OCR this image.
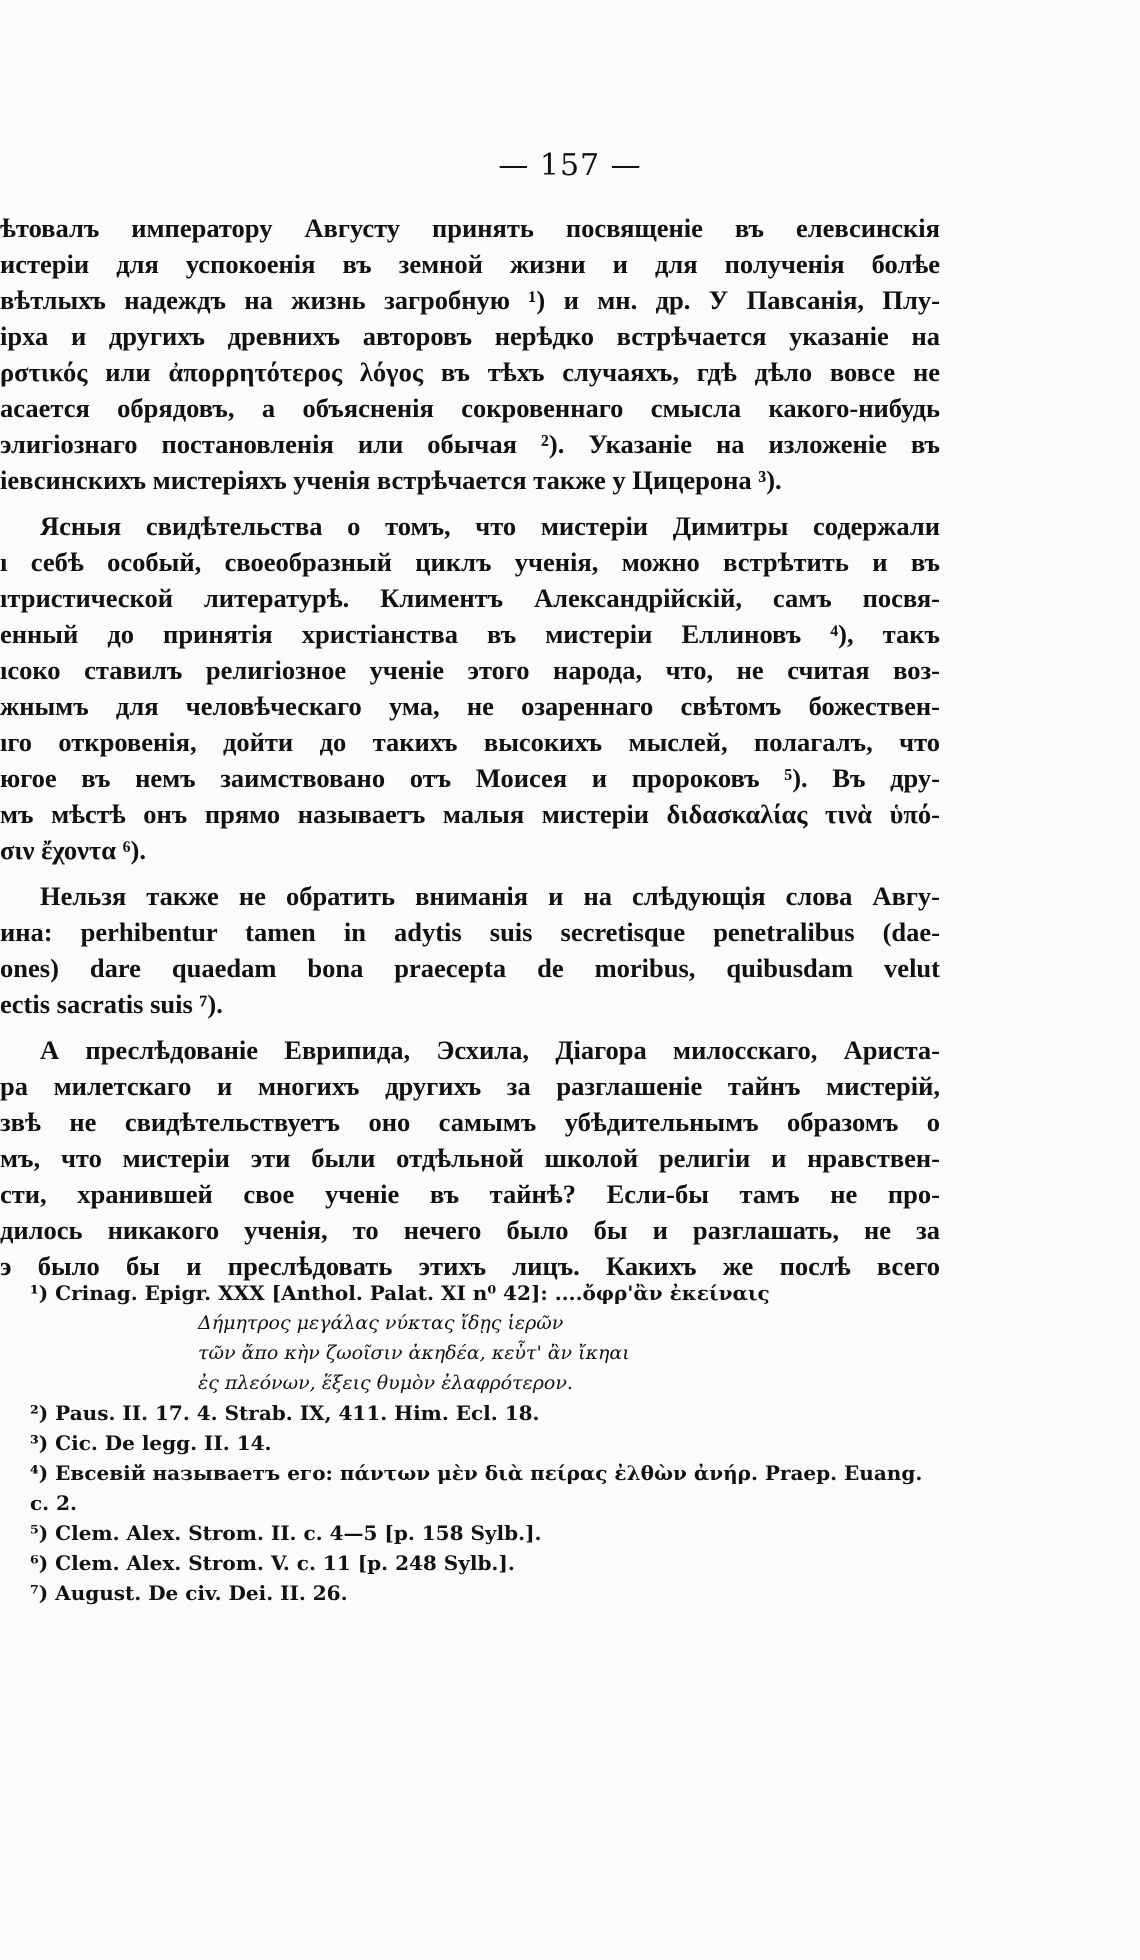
— 157 —
ѣтовалъ императору Августу принять посвященіе въ елевсинскія
истеріи для успокоенія въ земной жизни и для полученія болѣе
вѣтлыхъ надеждъ на жизнь загробную ¹) и мн. др. У Павсанія, Плу-
ірха и другихъ древнихъ авторовъ нерѣдко встрѣчается указаніе на
ρστικός или ἀπορρητότερος λόγος въ тѣхъ случаяхъ, гдѣ дѣло вовсе не
асается обрядовъ, а объясненія сокровеннаго смысла какого-нибудь
элигіознаго постановленія или обычая ²). Указаніе на изложеніе въ
іевсинскихъ мистеріяхъ ученія встрѣчается также у Цицерона ³).
Ясныя свидѣтельства о томъ, что мистеріи Димитры содержали
ı себѣ особый, своеобразный циклъ ученія, можно встрѣтить и въ
ıтристической литературѣ. Климентъ Александрійскій, самъ посвя-
енный до принятія христіанства въ мистеріи Еллиновъ ⁴), такъ
ıсоко ставилъ религіозное ученіе этого народа, что, не считая воз-
жнымъ для человѣческаго ума, не озареннаго свѣтомъ божествен-
ıго откровенія, дойти до такихъ высокихъ мыслей, полагалъ, что
югое въ немъ заимствовано отъ Моисея и пророковъ ⁵). Въ дру-
мъ мѣстѣ онъ прямо называетъ малыя мистеріи διδασκαλίας τινὰ ὑπό-
σιν ἔχοντα ⁶).
Нельзя также не обратить вниманія и на слѣдующія слова Авгу-
ина: perhibentur tamen in adytis suis secretisque penetralibus (dae-
ones) dare quaedam bona praecepta de moribus, quibusdam velut
ectis sacratis suis ⁷).
А преслѣдованіе Еврипида, Эсхила, Діагора милосскаго, Ариста-
ра милетскаго и многихъ другихъ за разглашеніе тайнъ мистерій,
звѣ не свидѣтельствуетъ оно самымъ убѣдительнымъ образомъ о
мъ, что мистеріи эти были отдѣльной школой религіи и нравствен-
сти, хранившей свое ученіе въ тайнѣ? Если-бы тамъ не про-
дилось никакого ученія, то нечего было бы и разглашать, не за
э было бы и преслѣдовать этихъ лицъ. Какихъ же послѣ всего
¹) Crinag. Epigr. XXX [Anthol. Palat. XI n⁰ 42]: ....ὄφρ'ἂν ἐκείναις
Δήμητρος μεγάλας νύκτας ἴδῃς ἱερῶν
τῶν ἄπο κὴν ζωοῖσιν ἀκηδέα, κεὖτ' ἂν ἴκηαι
ἐς πλεόνων, ἕξεις θυμὸν ἐλαφρότερον.
²) Paus. II. 17. 4. Strab. IX, 411. Him. Ecl. 18.
³) Cic. De legg. II. 14.
⁴) Евсевій называетъ его: πάντων μὲν διὰ πείρας ἐλθὼν ἀνήρ. Praep. Euang.
c. 2.
⁵) Clem. Alex. Strom. II. c. 4—5 [p. 158 Sylb.].
⁶) Clem. Alex. Strom. V. c. 11 [p. 248 Sylb.].
⁷) August. De civ. Dei. II. 26.
